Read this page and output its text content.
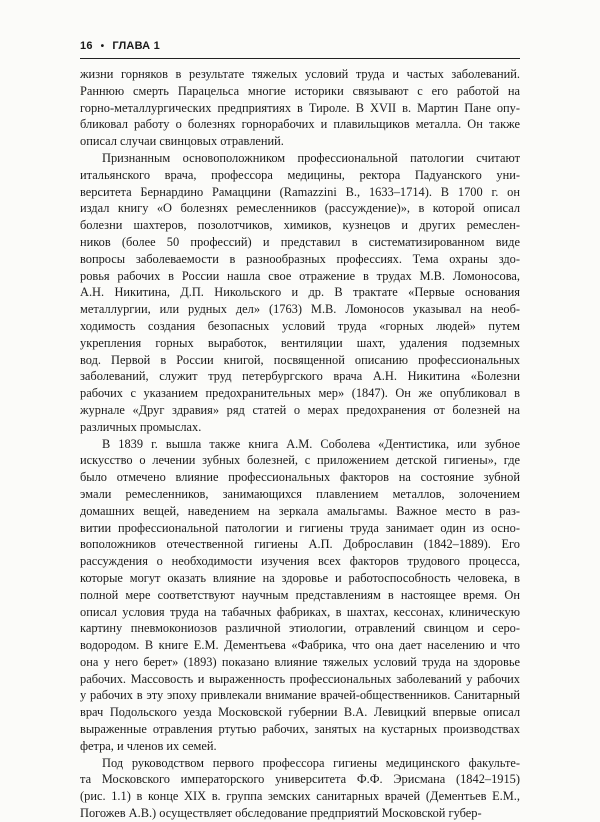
16 • ГЛАВА 1

жизни горняков в результате тяжелых условий труда и частых заболеваний.
Раннюю смерть Парацельса многие историки связывают с его работой на
горно-металлургических предприятиях в Тироле. В XVII в. Мартин Пане опу-
бликовал работу о болезнях горнорабочих и плавильщиков металла. Он также
описал случаи свинцовых отравлений.

Признанным основоположником профессиональной патологии считают
итальянского врача, профессора медицины, ректора Падуанского уни-
верситета Бернардино Рамаццини (Ramazzini B., 1633–1714). В 1700 г. он
издал книгу «О болезнях ремесленников (рассуждение)», в которой описал
болезни шахтеров, позолотчиков, химиков, кузнецов и других ремеслен-
ников (более 50 профессий) и представил в систематизированном виде
вопросы заболеваемости в разнообразных профессиях. Тема охраны здо-
ровья рабочих в России нашла свое отражение в трудах М.В. Ломоносова,
А.Н. Никитина, Д.П. Никольского и др. В трактате «Первые основания
металлургии, или рудных дел» (1763) М.В. Ломоносов указывал на необ-
ходимость создания безопасных условий труда «горных людей» путем
укрепления горных выработок, вентиляции шахт, удаления подземных
вод. Первой в России книгой, посвященной описанию профессиональных
заболеваний, служит труд петербургского врача А.Н. Никитина «Болезни
рабочих с указанием предохранительных мер» (1847). Он же опубликовал в
журнале «Друг здравия» ряд статей о мерах предохранения от болезней на
различных промыслах.

В 1839 г. вышла также книга А.М. Соболева «Дентистика, или зубное
искусство о лечении зубных болезней, с приложением детской гигиены», где
было отмечено влияние профессиональных факторов на состояние зубной
эмали ремесленников, занимающихся плавлением металлов, золочением
домашних вещей, наведением на зеркала амальгамы. Важное место в раз-
витии профессиональной патологии и гигиены труда занимает один из осно-
воположников отечественной гигиены А.П. Доброславин (1842–1889). Его
рассуждения о необходимости изучения всех факторов трудового процесса,
которые могут оказать влияние на здоровье и работоспособность человека, в
полной мере соответствуют научным представлениям в настоящее время. Он
описал условия труда на табачных фабриках, в шахтах, кессонах, клиническую
картину пневмокониозов различной этиологии, отравлений свинцом и серо-
водородом. В книге Е.М. Дементьева «Фабрика, что она дает населению и что
она у него берет» (1893) показано влияние тяжелых условий труда на здоровье
рабочих. Массовость и выраженность профессиональных заболеваний у рабочих
у рабочих в эту эпоху привлекали внимание врачей-общественников. Санитарный
врач Подольского уезда Московской губернии В.А. Левицкий впервые описал
выраженные отравления ртутью рабочих, занятых на кустарных производствах
фетра, и членов их семей.

Под руководством первого профессора гигиены медицинского факульте-
та Московского императорского университета Ф.Ф. Эрисмана (1842–1915)
(рис. 1.1) в конце XIX в. группа земских санитарных врачей (Дементьев Е.М.,
Погожев А.В.) осуществляет обследование предприятий Московской губер-
